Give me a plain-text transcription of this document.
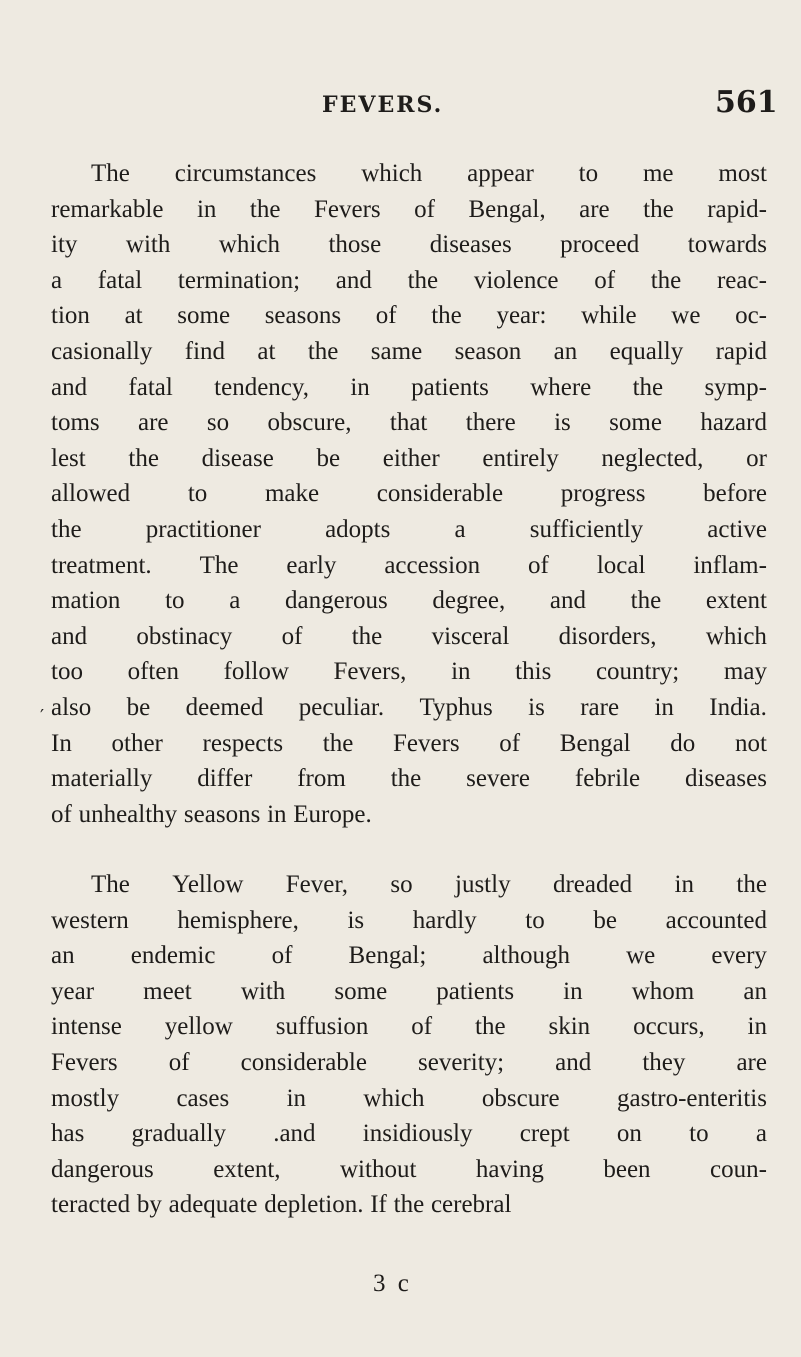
FEVERS.	561
′
The circumstances which appear to me most
remarkable in the Fevers of Bengal, are the rapid-
ity with which those diseases proceed towards
a fatal termination; and the violence of the reac-
tion at some seasons of the year: while we oc-
casionally find at the same season an equally rapid
and fatal tendency, in patients where the symp-
toms are so obscure, that there is some hazard
lest the disease be either entirely neglected, or
allowed to make considerable progress before
the	practitioner	adopts	a	sufficiently	active
treatment. The early accession of local inflam-
mation to a dangerous degree, and the extent
and obstinacy of the visceral disorders, which
too often follow Fevers, in this country; may
also be deemed peculiar. Typhus is rare in India.
In other respects the Fevers of Bengal do not
materially differ from the severe febrile diseases
of unhealthy seasons in Europe.
The Yellow Fever, so justly dreaded in the
western hemisphere, is hardly to be accounted
an endemic of Bengal; although we every
year meet with some patients in whom an
intense yellow suffusion of the skin occurs, in
Fevers of considerable severity; and they are
mostly cases in which obscure gastro-enteritis
has gradually .and insidiously crept on to a
dangerous extent, without having been coun-
teracted by adequate depletion. If the cerebral
3 c
